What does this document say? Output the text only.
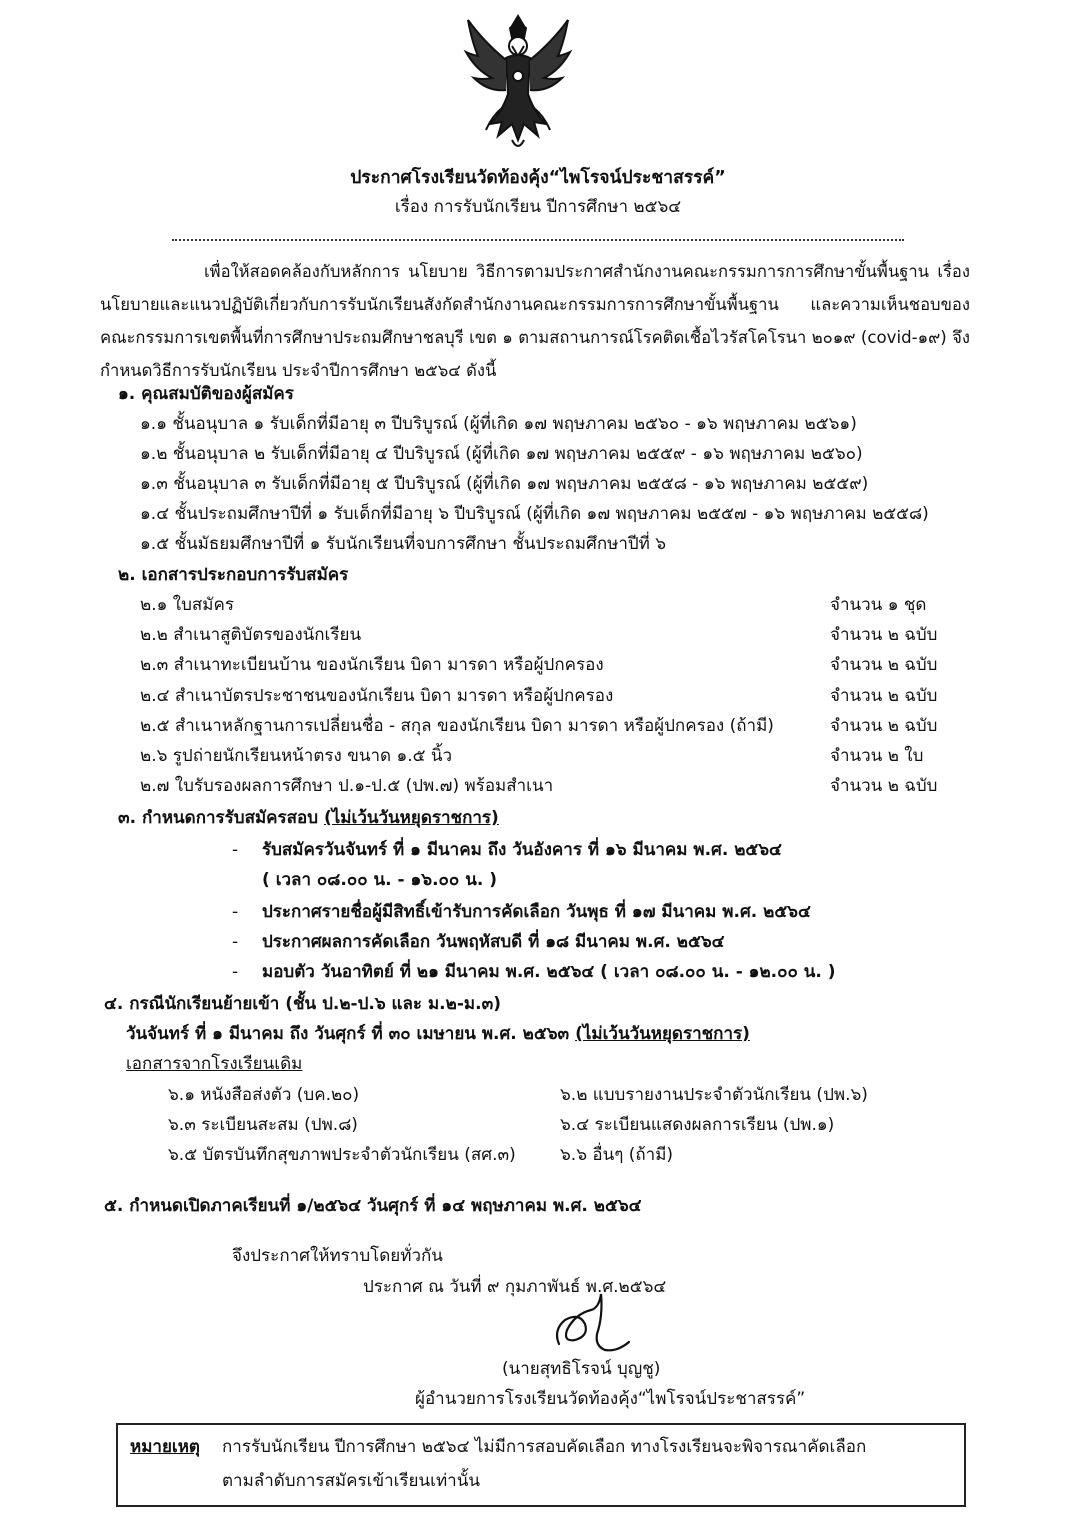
ประกาศโรงเรียนวัดท้องคุ้ง“ไพโรจน์ประชาสรรค์”
เรื่อง การรับนักเรียน ปีการศึกษา ๒๕๖๔
เพื่อให้สอดคล้องกับหลักการ นโยบาย วิธีการตามประกาศสำนักงานคณะกรรมการการศึกษาขั้นพื้นฐาน เรื่อง นโยบายและแนวปฏิบัติเกี่ยวกับการรับนักเรียนสังกัดสำนักงานคณะกรรมการการศึกษาขั้นพื้นฐาน และความเห็นชอบของคณะกรรมการเขตพื้นที่การศึกษาประถมศึกษาชลบุรี เขต ๑ ตามสถานการณ์โรคติดเชื้อไวรัสโคโรนา ๒๐๑๙ (covid-๑๙) จึงกำหนดวิธีการรับนักเรียน ประจำปีการศึกษา ๒๕๖๔ ดังนี้
๑. คุณสมบัติของผู้สมัคร
๑.๑ ชั้นอนุบาล ๑ รับเด็กที่มีอายุ ๓ ปีบริบูรณ์ (ผู้ที่เกิด ๑๗ พฤษภาคม ๒๕๖๐ - ๑๖ พฤษภาคม ๒๕๖๑)
๑.๒ ชั้นอนุบาล ๒ รับเด็กที่มีอายุ ๔ ปีบริบูรณ์ (ผู้ที่เกิด ๑๗ พฤษภาคม ๒๕๕๙ - ๑๖ พฤษภาคม ๒๕๖๐)
๑.๓ ชั้นอนุบาล ๓ รับเด็กที่มีอายุ ๕ ปีบริบูรณ์ (ผู้ที่เกิด ๑๗ พฤษภาคม ๒๕๕๘ - ๑๖ พฤษภาคม ๒๕๕๙)
๑.๔ ชั้นประถมศึกษาปีที่ ๑ รับเด็กที่มีอายุ ๖ ปีบริบูรณ์ (ผู้ที่เกิด ๑๗ พฤษภาคม ๒๕๕๗ - ๑๖ พฤษภาคม ๒๕๕๘)
๑.๕ ชั้นมัธยมศึกษาปีที่ ๑ รับนักเรียนที่จบการศึกษา ชั้นประถมศึกษาปีที่ ๖
๒. เอกสารประกอบการรับสมัคร
๒.๑ ใบสมัคร	จำนวน ๑ ชุด
๒.๒ สำเนาสูติบัตรของนักเรียน	จำนวน ๒ ฉบับ
๒.๓ สำเนาทะเบียนบ้าน ของนักเรียน บิดา มารดา หรือผู้ปกครอง	จำนวน ๒ ฉบับ
๒.๔ สำเนาบัตรประชาชนของนักเรียน บิดา มารดา หรือผู้ปกครอง	จำนวน ๒ ฉบับ
๒.๕ สำเนาหลักฐานการเปลี่ยนชื่อ - สกุล ของนักเรียน บิดา มารดา หรือผู้ปกครอง (ถ้ามี)	จำนวน ๒ ฉบับ
๒.๖ รูปถ่ายนักเรียนหน้าตรง ขนาด ๑.๕ นิ้ว	จำนวน ๒ ใบ
๒.๗ ใบรับรองผลการศึกษา ป.๑-ป.๕ (ปพ.๗) พร้อมสำเนา	จำนวน ๒ ฉบับ
๓. กำหนดการรับสมัครสอบ (ไม่เว้นวันหยุดราชการ)
- รับสมัครวันจันทร์ ที่ ๑ มีนาคม ถึง วันอังคาร ที่ ๑๖ มีนาคม พ.ศ. ๒๕๖๔
( เวลา ๐๘.๐๐ น. - ๑๖.๐๐ น. )
- ประกาศรายชื่อผู้มีสิทธิ์เข้ารับการคัดเลือก วันพุธ ที่ ๑๗ มีนาคม พ.ศ. ๒๕๖๔
- ประกาศผลการคัดเลือก วันพฤหัสบดี ที่ ๑๘ มีนาคม พ.ศ. ๒๕๖๔
- มอบตัว วันอาทิตย์ ที่ ๒๑ มีนาคม พ.ศ. ๒๕๖๔ ( เวลา ๐๘.๐๐ น. - ๑๒.๐๐ น. )
๔. กรณีนักเรียนย้ายเข้า (ชั้น ป.๒-ป.๖ และ ม.๒-ม.๓)
วันจันทร์ ที่ ๑ มีนาคม ถึง วันศุกร์ ที่ ๓๐ เมษายน พ.ศ. ๒๕๖๓ (ไม่เว้นวันหยุดราชการ)
เอกสารจากโรงเรียนเดิม
๖.๑ หนังสือส่งตัว (บค.๒๐)	๖.๒ แบบรายงานประจำตัวนักเรียน (ปพ.๖)
๖.๓ ระเบียนสะสม (ปพ.๘)	๖.๔ ระเบียนแสดงผลการเรียน (ปพ.๑)
๖.๕ บัตรบันทึกสุขภาพประจำตัวนักเรียน (สศ.๓)	๖.๖ อื่นๆ (ถ้ามี)
๕. กำหนดเปิดภาคเรียนที่ ๑/๒๕๖๔ วันศุกร์ ที่ ๑๔ พฤษภาคม พ.ศ. ๒๕๖๔
จึงประกาศให้ทราบโดยทั่วกัน
ประกาศ ณ วันที่ ๙ กุมภาพันธ์ พ.ศ.๒๕๖๔
(นายสุทธิโรจน์ บุญชู)
ผู้อำนวยการโรงเรียนวัดท้องคุ้ง“ไพโรจน์ประชาสรรค์”
หมายเหตุ การรับนักเรียน ปีการศึกษา ๒๕๖๔ ไม่มีการสอบคัดเลือก ทางโรงเรียนจะพิจารณาคัดเลือก
ตามลำดับการสมัครเข้าเรียนเท่านั้น
